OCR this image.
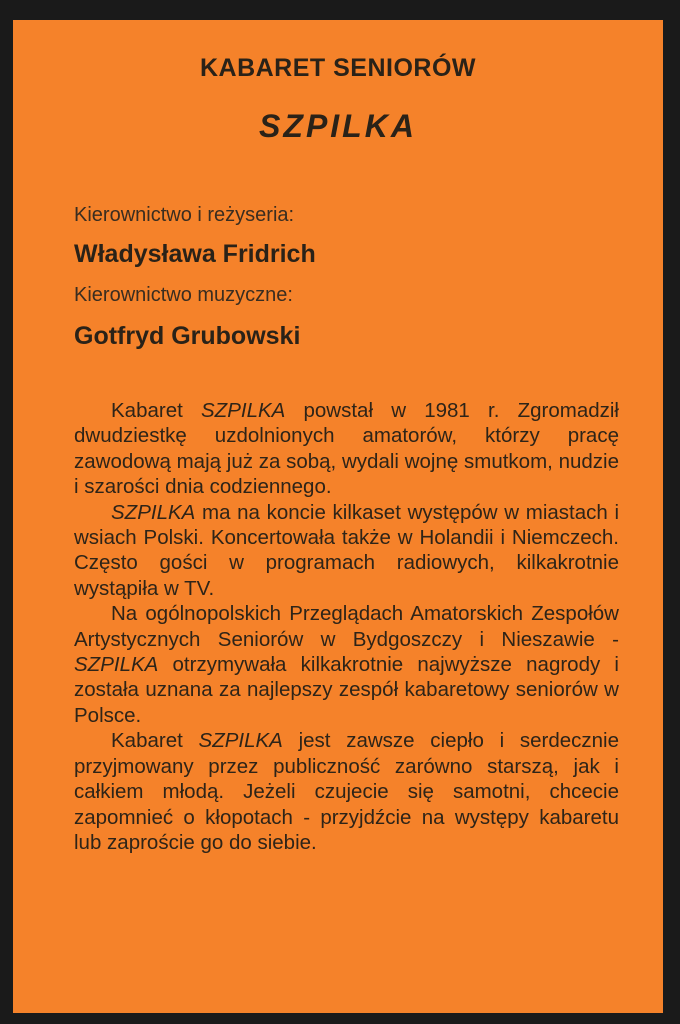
KABARET SENIORÓW
SZPILKA
Kierownictwo i reżyseria:
Władysława Fridrich
Kierownictwo muzyczne:
Gotfryd Grubowski

Kabaret SZPILKA powstał w 1981 r. Zgromadził dwudziestkę uzdolnionych amatorów, którzy pracę zawodową mają już za sobą, wydali wojnę smutkom, nudzie i szarości dnia codziennego.

SZPILKA ma na koncie kilkaset występów w miastach i wsiach Polski. Koncertowała także w Holandii i Niemczech. Często gości w programach radiowych, kilkakrotnie wystąpiła w TV.

Na ogólnopolskich Przeglądach Amatorskich Zespołów Artystycznych Seniorów w Bydgoszczy i Nieszawie - SZPILKA otrzymywała kilkakrotnie najwyższe nagrody i została uznana za najlepszy zespół kabaretowy seniorów w Polsce.

Kabaret SZPILKA jest zawsze ciepło i serdecznie przyjmowany przez publiczność zarówno starszą, jak i całkiem młodą. Jeżeli czujecie się samotni, chcecie zapomnieć o kłopotach - przyjdźcie na występy kabaretu lub zaproście go do siebie.
